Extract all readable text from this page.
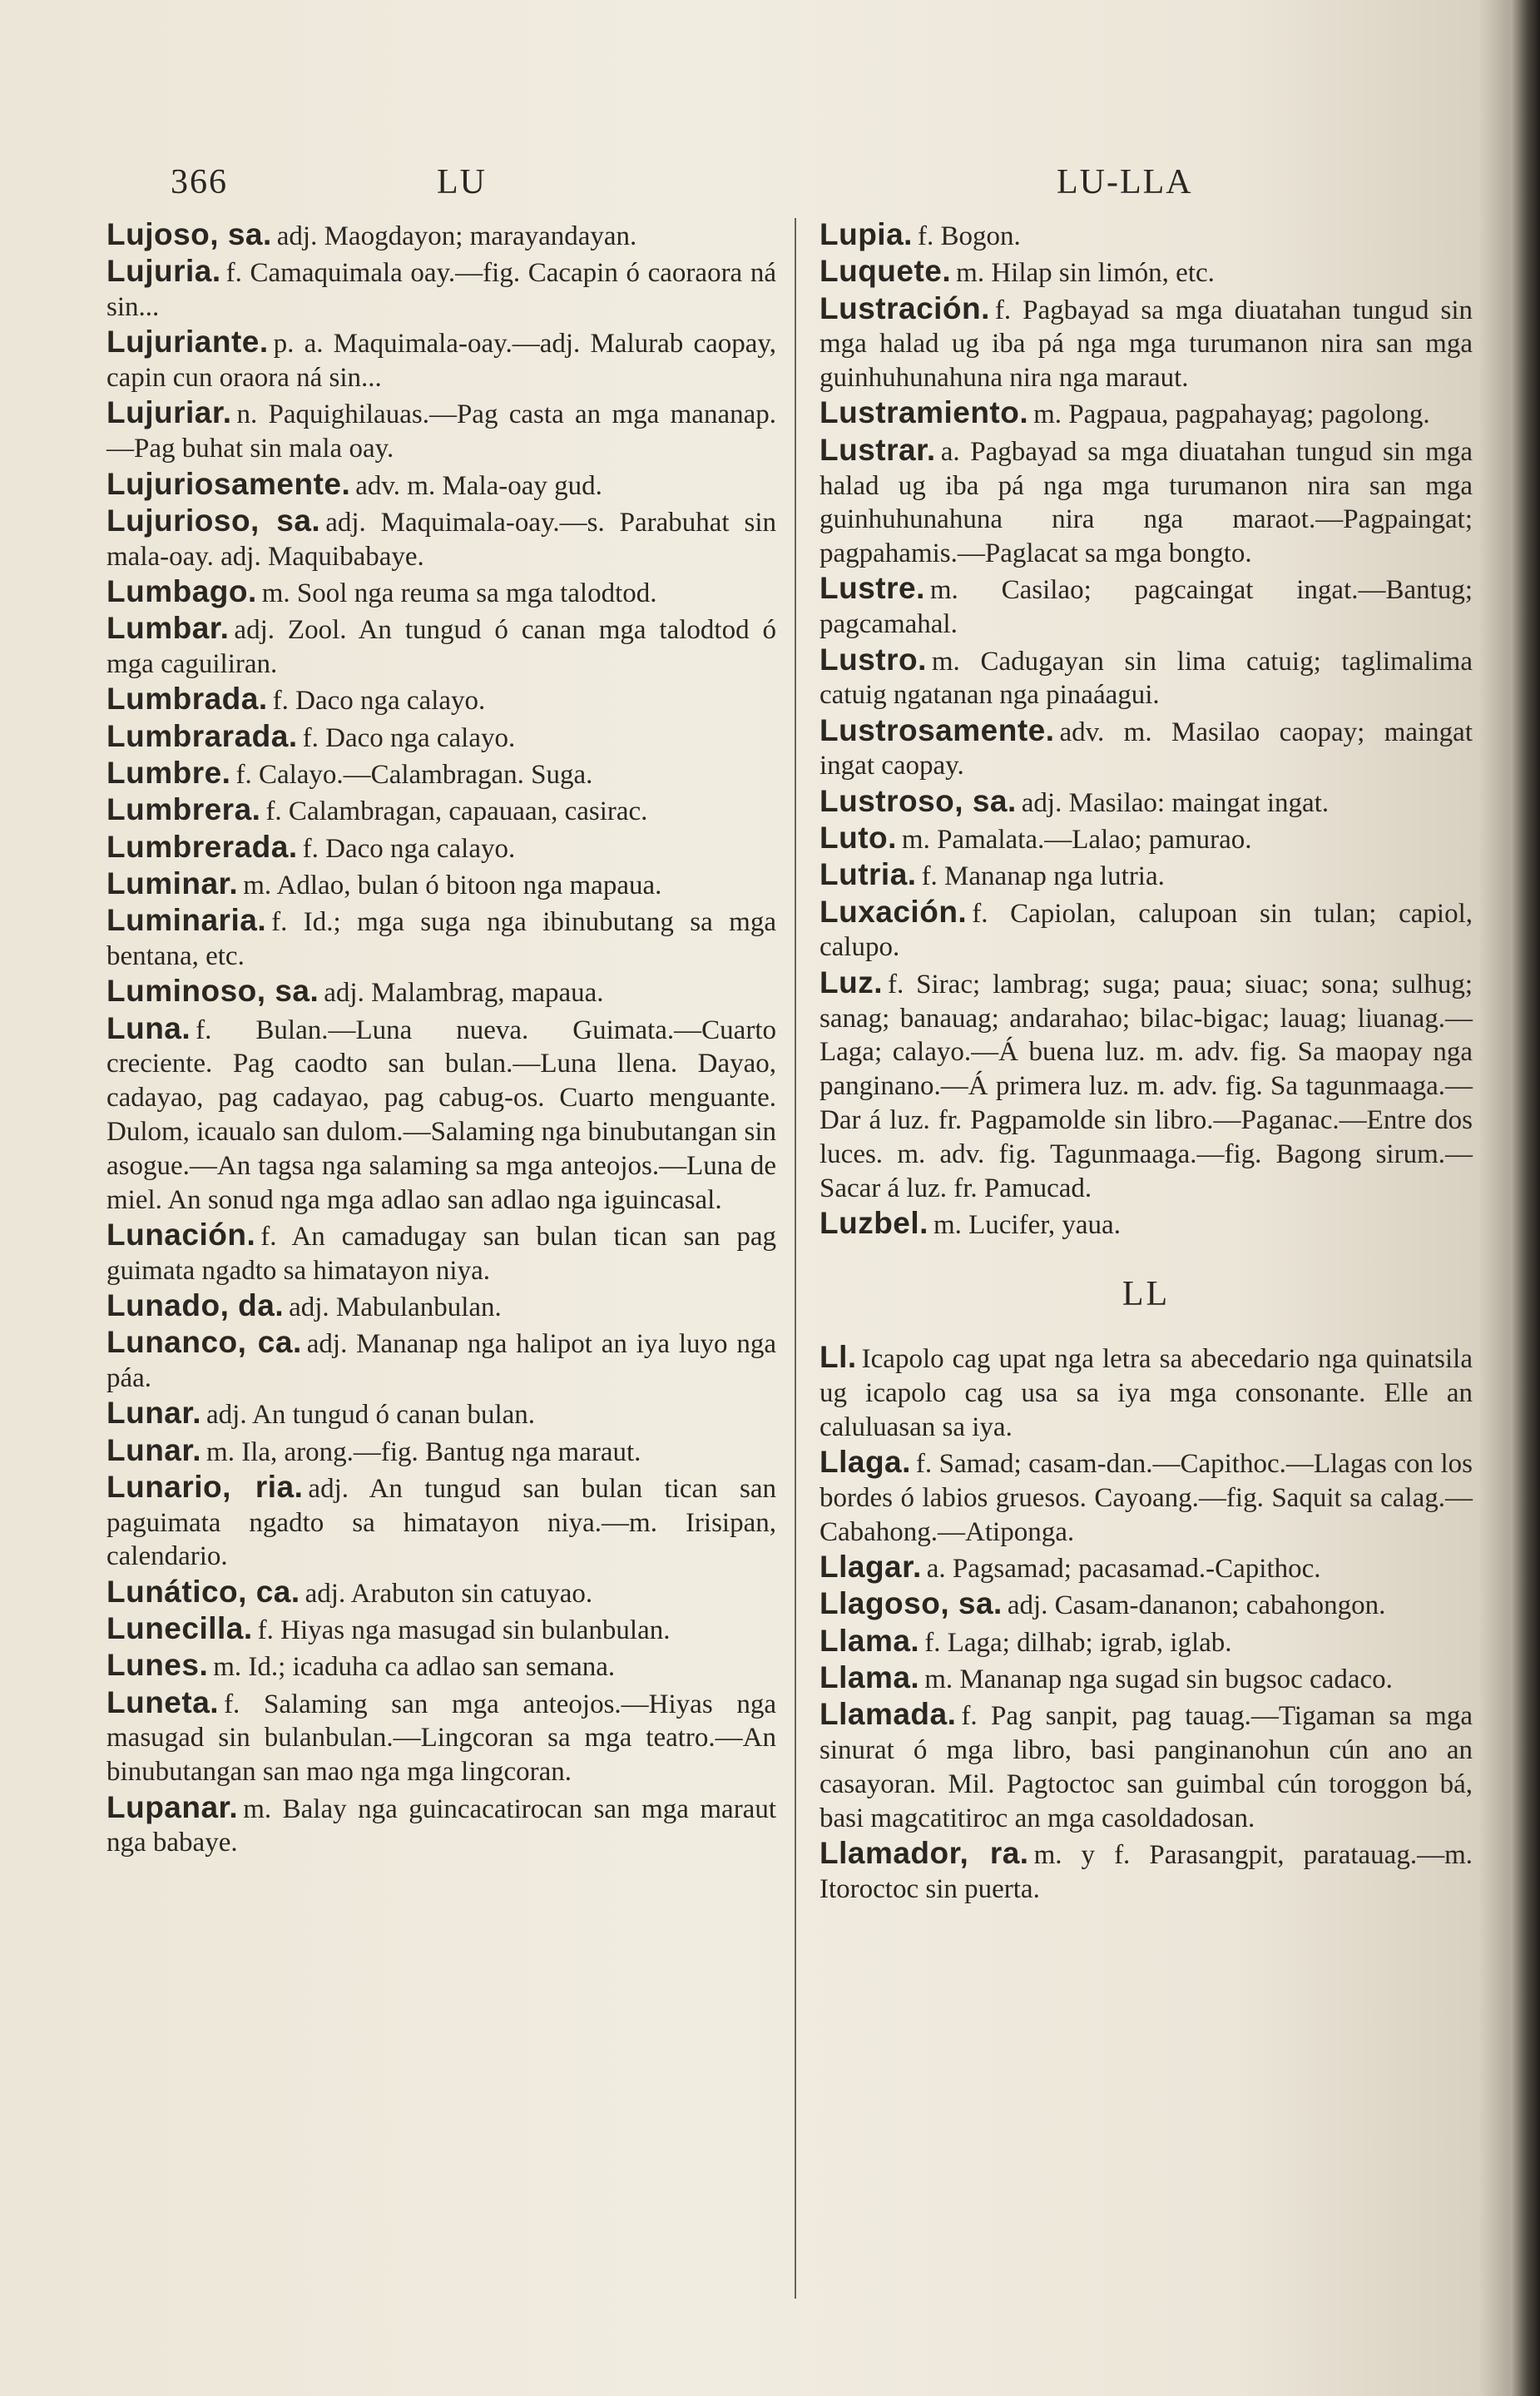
366	LU	LU-LLA
Lujoso, sa. adj. Maogdayon; marayandayan.
Lujuria. f. Camaquimala oay.—fig. Cacapin ó caoraora ná sin...
Lujuriante. p. a. Maquimala-oay.—adj. Malurab caopay, capin cun oraora ná sin...
Lujuriar. n. Paquighilauas.—Pag casta an mga mananap.—Pag buhat sin mala oay.
Lujuriosamente. adv. m. Mala-oay gud.
Lujurioso, sa. adj. Maquimala-oay.—s. Parabuhat sin mala-oay. adj. Maquibabaye.
Lumbago. m. Sool nga reuma sa mga talodtod.
Lumbar. adj. Zool. An tungud ó canan mga talodtod ó mga caguiliran.
Lumbrada. f. Daco nga calayo.
Lumbrarada. f. Daco nga calayo.
Lumbre. f. Calayo.—Calambragan. Suga.
Lumbrera. f. Calambragan, capauaan, casirac.
Lumbrerada. f. Daco nga calayo.
Luminar. m. Adlao, bulan ó bitoon nga mapaua.
Luminaria. f. Id.; mga suga nga ibinubutang sa mga bentana, etc.
Luminoso, sa. adj. Malambrag, mapaua.
Luna. f. Bulan.—Luna nueva. Guimata.—Cuarto creciente. Pag caodto san bulan.—Luna llena. Dayao, cadayao, pag cadayao, pag cabug-os. Cuarto menguante. Dulom, icaualo san dulom.—Salaming nga binubutangan sin asogue.—An tagsa nga salaming sa mga anteojos.—Luna de miel. An sonud nga mga adlao san adlao nga iguincasal.
Lunación. f. An camadugay san bulan tican san pag guimata ngadto sa himatayon niya.
Lunado, da. adj. Mabulanbulan.
Lunanco, ca. adj. Mananap nga halipot an iya luyo nga páa.
Lunar. adj. An tungud ó canan bulan.
Lunar. m. Ila, arong.—fig. Bantug nga maraut.
Lunario, ria. adj. An tungud san bulan tican san paguimata ngadto sa himatayon niya.—m. Irisipan, calendario.
Lunático, ca. adj. Arabuton sin catuyao.
Lunecilla. f. Hiyas nga masugad sin bulanbulan.
Lunes. m. Id.; icaduha ca adlao san semana.
Luneta. f. Salaming san mga anteojos.—Hiyas nga masugad sin bulanbulan.—Lingcoran sa mga teatro.—An binubutangan san mao nga mga lingcoran.
Lupanar. m. Balay nga guincacatirocan san mga maraut nga babaye.
Lupia. f. Bogon.
Luquete. m. Hilap sin limón, etc.
Lustración. f. Pagbayad sa mga diuatahan tungud sin mga halad ug iba pá nga mga turumanon nira san mga guinhuhunahuna nira nga maraut.
Lustramiento. m. Pagpaua, pagpahayag; pagolong.
Lustrar. a. Pagbayad sa mga diuatahan tungud sin mga halad ug iba pá nga mga turumanon nira san mga guinhuhunahuna nira nga maraot.—Pagpaingat; pagpahamis.—Paglacat sa mga bongto.
Lustre. m. Casilao; pagcaingat ingat.—Bantug; pagcamahal.
Lustro. m. Cadugayan sin lima catuig; taglimalima catuig ngatanan nga pinaáagui.
Lustrosamente. adv. m. Masilao caopay; maingat ingat caopay.
Lustroso, sa. adj. Masilao: maingat ingat.
Luto. m. Pamalata.—Lalao; pamurao.
Lutria. f. Mananap nga lutria.
Luxación. f. Capiolan, calupoan sin tulan; capiol, calupo.
Luz. f. Sirac; lambrag; suga; paua; siuac; sona; sulhug; sanag; banauag; andarahao; bilac-bigac; lauag; liuanag.—Laga; calayo.—Á buena luz. m. adv. fig. Sa maopay nga panginano.—Á primera luz. m. adv. fig. Sa tagunmaaga.—Dar á luz. fr. Pagpamolde sin libro.—Paganac.—Entre dos luces. m. adv. fig. Tagunmaaga.—fig. Bagong sirum.—Sacar á luz. fr. Pamucad.
Luzbel. m. Lucifer, yaua.
LL
Ll. Icapolo cag upat nga letra sa abecedario nga quinatsila ug icapolo cag usa sa iya mga consonante. Elle an caluluasan sa iya.
Llaga. f. Samad; casam-dan.—Capithoc.—Llagas con los bordes ó labios gruesos. Cayoang.—fig. Saquit sa calag.—Cabahong.—Atiponga.
Llagar. a. Pagsamad; pacasamad.-Capithoc.
Llagoso, sa. adj. Casam-dananon; cabahongon.
Llama. f. Laga; dilhab; igrab, iglab.
Llama. m. Mananap nga sugad sin bugsoc cadaco.
Llamada. f. Pag sanpit, pag tauag.—Tigaman sa mga sinurat ó mga libro, basi panginanohun cún ano an casayoran. Mil. Pagtoctoc san guimbal cún toroggon bá, basi magcatitiroc an mga casoldadosan.
Llamador, ra. m. y f. Parasangpit, paratauag.—m. Itoroctoc sin puerta.
